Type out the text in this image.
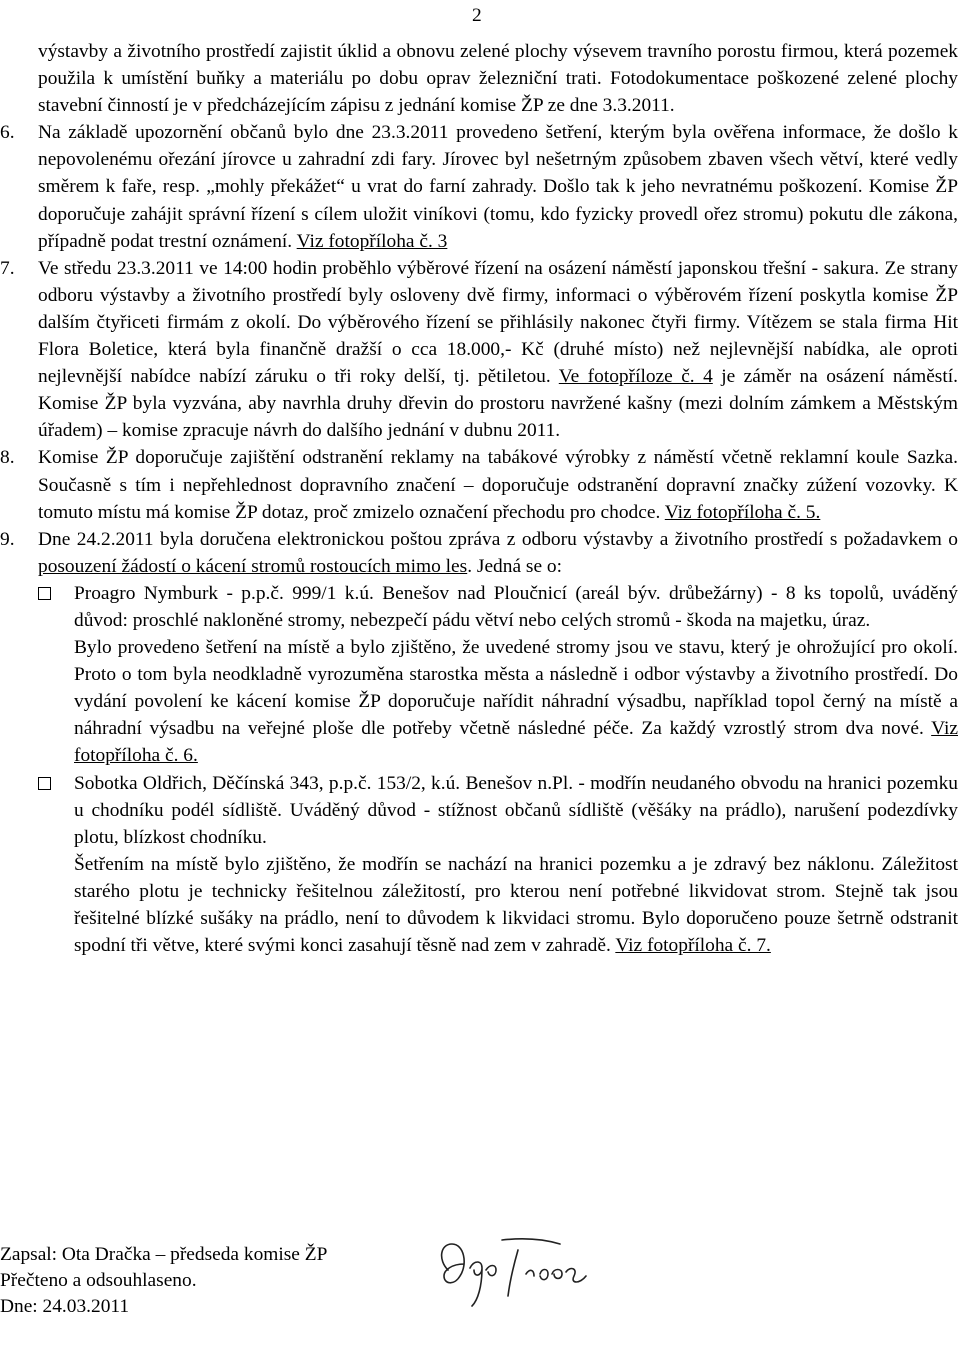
2

výstavby a životního prostředí zajistit úklid a obnovu zelené plochy výsevem travního porostu firmou, která pozemek použila k umístění buňky a materiálu po dobu oprav železniční trati. Fotodokumentace poškozené zelené plochy stavební činností je v předcházejícím zápisu z jednání komise ŽP ze dne 3.3.2011.

6. Na základě upozornění občanů bylo dne 23.3.2011 provedeno šetření, kterým byla ověřena informace, že došlo k nepovolenému ořezání jírovce u zahradní zdi fary. Jírovec byl nešetrným způsobem zbaven všech větví, které vedly směrem k faře, resp. „mohly překážet“ u vrat do farní zahrady. Došlo tak k jeho nevratnému poškození. Komise ŽP doporučuje zahájit správní řízení s cílem uložit viníkovi (tomu, kdo fyzicky provedl ořez stromu) pokutu dle zákona, případně podat trestní oznámení. Viz fotopříloha č. 3

7. Ve středu 23.3.2011 ve 14:00 hodin proběhlo výběrové řízení na osázení náměstí japonskou třešní - sakura. Ze strany odboru výstavby a životního prostředí byly osloveny dvě firmy, informaci o výběrovém řízení poskytla komise ŽP dalším čtyřiceti firmám z okolí. Do výběrového řízení se přihlásily nakonec čtyři firmy. Vítězem se stala firma Hit Flora Boletice, která byla finančně dražší o cca 18.000,- Kč (druhé místo) než nejlevnější nabídka, ale oproti nejlevnější nabídce nabízí záruku o tři roky delší, tj. pětiletou. Ve fotopříloze č. 4 je záměr na osázení náměstí. Komise ŽP byla vyzvána, aby navrhla druhy dřevin do prostoru navržené kašny (mezi dolním zámkem a Městským úřadem) – komise zpracuje návrh do dalšího jednání v dubnu 2011.

8. Komise ŽP doporučuje zajištění odstranění reklamy na tabákové výrobky z náměstí včetně reklamní koule Sazka. Současně s tím i nepřehlednost dopravního značení – doporučuje odstranění dopravní značky zúžení vozovky. K tomuto místu má komise ŽP dotaz, proč zmizelo označení přechodu pro chodce. Viz fotopříloha č. 5.

9. Dne 24.2.2011 byla doručena elektronickou poštou zpráva z odboru výstavby a životního prostředí s požadavkem o posouzení žádostí o kácení stromů rostoucích mimo les. Jedná se o:

Proagro Nymburk - p.p.č. 999/1 k.ú. Benešov nad Ploučnicí (areál býv. drůbežárny) - 8 ks topolů, uváděný důvod: proschlé nakloněné stromy, nebezpečí pádu větví nebo celých stromů - škoda na majetku, úraz.

Bylo provedeno šetření na místě a bylo zjištěno, že uvedené stromy jsou ve stavu, který je ohrožující pro okolí. Proto o tom byla neodkladně vyrozuměna starostka města a následně i odbor výstavby a životního prostředí. Do vydání povolení ke kácení komise ŽP doporučuje nařídit náhradní výsadbu, například topol černý na místě a náhradní výsadbu na veřejné ploše dle potřeby včetně následné péče. Za každý vzrostlý strom dva nové. Viz fotopříloha č. 6.

Sobotka Oldřich, Děčínská 343, p.p.č. 153/2, k.ú. Benešov n.Pl. - modřín neudaného obvodu na hranici pozemku u chodníku podél sídliště. Uváděný důvod - stížnost občanů sídliště (věšáky na prádlo), narušení podezdívky plotu, blízkost chodníku.

Šetřením na místě bylo zjištěno, že modřín se nachází na hranici pozemku a je zdravý bez náklonu. Záležitost starého plotu je technicky řešitelnou záležitostí, pro kterou není potřebné likvidovat strom. Stejně tak jsou řešitelné blízké sušáky na prádlo, není to důvodem k likvidaci stromu. Bylo doporučeno pouze šetrně odstranit spodní tři větve, které svými konci zasahují těsně nad zem v zahradě. Viz fotopříloha č. 7.

Zapsal: Ota Dračka – předseda komise ŽP
Přečteno a odsouhlaseno.
Dne: 24.03.2011
